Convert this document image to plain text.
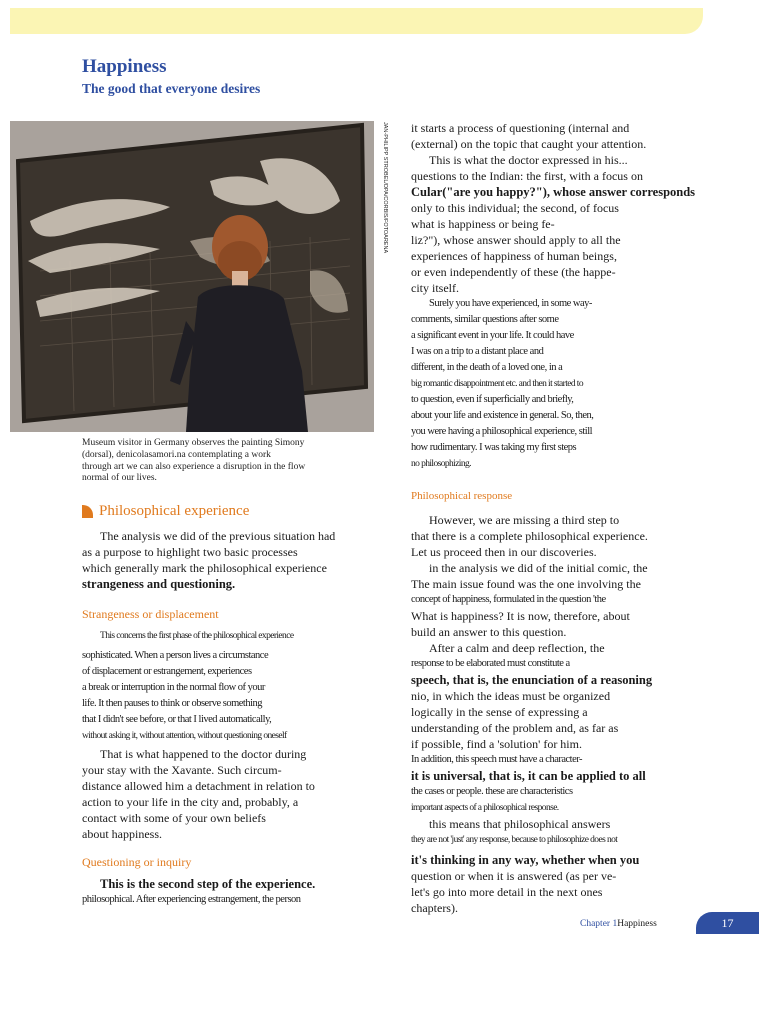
Happiness
The good that everyone desires
JAN-PHILIPP STROBEL/DPA/CORBIS/FOTOARENA
Museum visitor in Germany observes the painting Simony
(dorsal), denicolasamori.na contemplating a work
through art we can also experience a disruption in the flow
normal of our lives.
Philosophical experience

The analysis we did of the previous situation had
as a purpose to highlight two basic processes
which generally mark the philosophical experience
strangeness and questioning.

Strangeness or displacement

This concerns the first phase of the philosophical experience
sophisticated. When a person lives a circumstance
of displacement or estrangement, experiences
a break or interruption in the normal flow of your
life. It then pauses to think or observe something
that I didn't see before, or that I lived automatically,
without asking it, without attention, without questioning oneself

That is what happened to the doctor during
your stay with the Xavante. Such circum-
distance allowed him a detachment in relation to
action to your life in the city and, probably, a
contact with some of your own beliefs
about happiness.

Questioning or inquiry

This is the second step of the experience.
philosophical. After experiencing estrangement, the person

it starts a process of questioning (internal and
(external) on the topic that caught your attention.

This is what the doctor expressed in his...
questions to the Indian: the first, with a focus on
Cular("are you happy?"), whose answer corresponds
only to this individual; the second, of focus
what is happiness or being fe-
liz?"), whose answer should apply to all the
experiences of happiness of human beings,
or even independently of these (the happe-
city itself.

Surely you have experienced, in some way-
comments, similar questions after some
a significant event in your life. It could have
I was on a trip to a distant place and
different, in the death of a loved one, in a
big romantic disappointment etc. and then it started to
to question, even if superficially and briefly,
about your life and existence in general. So, then,
you were having a philosophical experience, still
how rudimentary. I was taking my first steps
no philosophizing.

Philosophical response

However, we are missing a third step to
that there is a complete philosophical experience.
Let us proceed then in our discoveries.

in the analysis we did of the initial comic, the
The main issue found was the one involving the
concept of happiness, formulated in the question 'the
What is happiness? It is now, therefore, about
build an answer to this question.

After a calm and deep reflection, the
response to be elaborated must constitute a
speech, that is, the enunciation of a reasoning
nio, in which the ideas must be organized
logically in the sense of expressing a
understanding of the problem and, as far as
if possible, find a 'solution' for him.
In addition, this speech must have a character-
it is universal, that is, it can be applied to all
the cases or people. these are characteristics
important aspects of a philosophical response.

this means that philosophical answers
they are not 'just' any response, because to philosophize does not
it's thinking in any way, whether when you
question or when it is answered (as per ve-
let's go into more detail in the next ones
chapters).

Chapter 1Happiness	17
